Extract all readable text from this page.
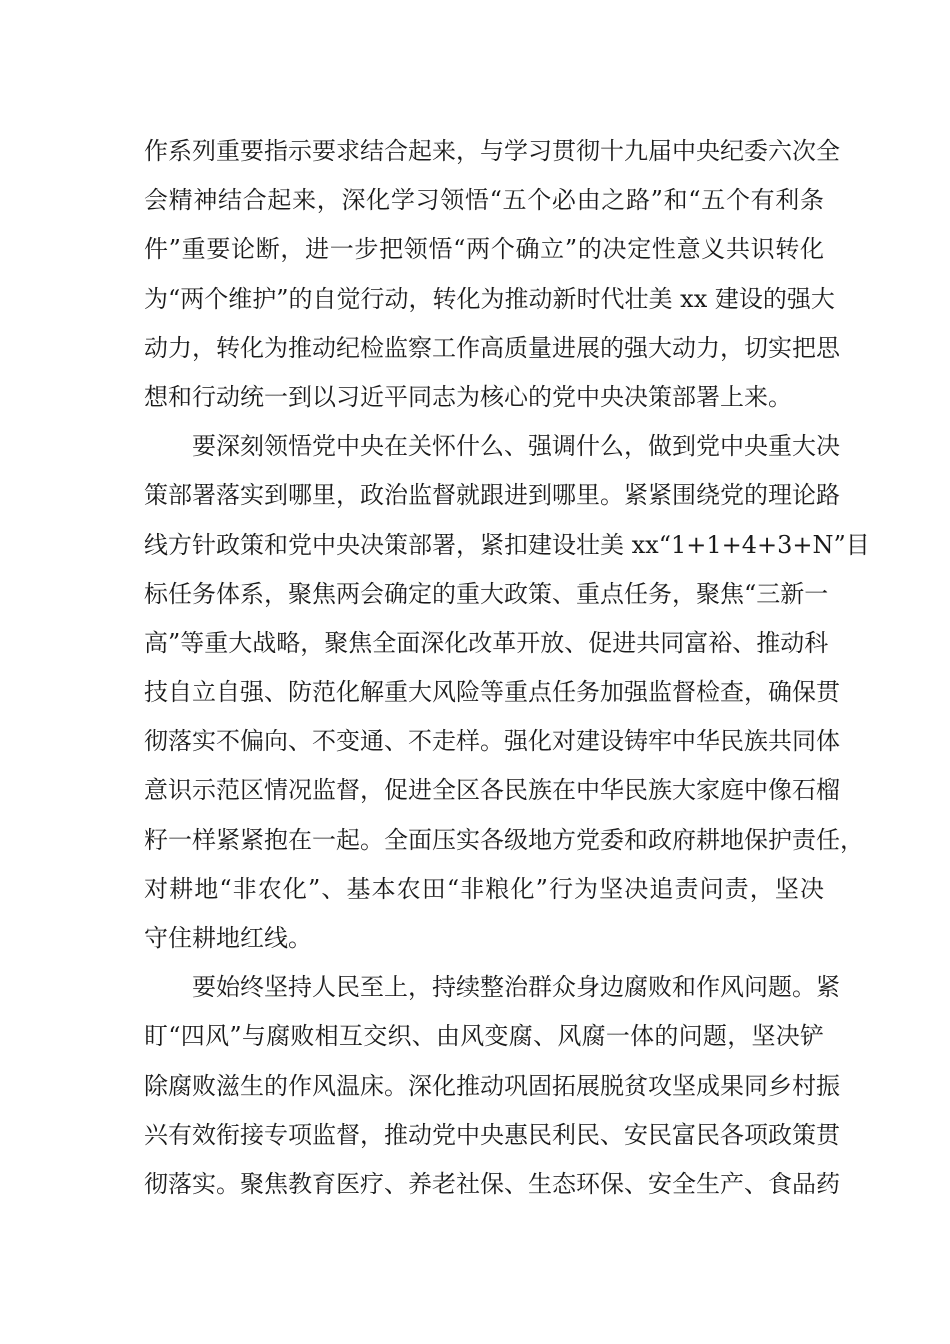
作系列重要指示要求结合起来，与学习贯彻十九届中央纪委六次全
会精神结合起来，深化学习领悟“五个必由之路”和“五个有利条
件”重要论断，进一步把领悟“两个确立”的决定性意义共识转化
为“两个维护”的自觉行动，转化为推动新时代壮美 xx 建设的强大
动力，转化为推动纪检监察工作高质量进展的强大动力，切实把思
想和行动统一到以习近平同志为核心的党中央决策部署上来。
要深刻领悟党中央在关怀什么、强调什么，做到党中央重大决
策部署落实到哪里，政治监督就跟进到哪里。紧紧围绕党的理论路
线方针政策和党中央决策部署，紧扣建设壮美 xx“1+1+4+3+N”目
标任务体系，聚焦两会确定的重大政策、重点任务，聚焦“三新一
高”等重大战略，聚焦全面深化改革开放、促进共同富裕、推动科
技自立自强、防范化解重大风险等重点任务加强监督检查，确保贯
彻落实不偏向、不变通、不走样。强化对建设铸牢中华民族共同体
意识示范区情况监督，促进全区各民族在中华民族大家庭中像石榴
籽一样紧紧抱在一起。全面压实各级地方党委和政府耕地保护责任，
对耕地“非农化”、基本农田“非粮化”行为坚决追责问责，坚决
守住耕地红线。
要始终坚持人民至上，持续整治群众身边腐败和作风问题。紧
盯“四风”与腐败相互交织、由风变腐、风腐一体的问题，坚决铲
除腐败滋生的作风温床。深化推动巩固拓展脱贫攻坚成果同乡村振
兴有效衔接专项监督，推动党中央惠民利民、安民富民各项政策贯
彻落实。聚焦教育医疗、养老社保、生态环保、安全生产、食品药
